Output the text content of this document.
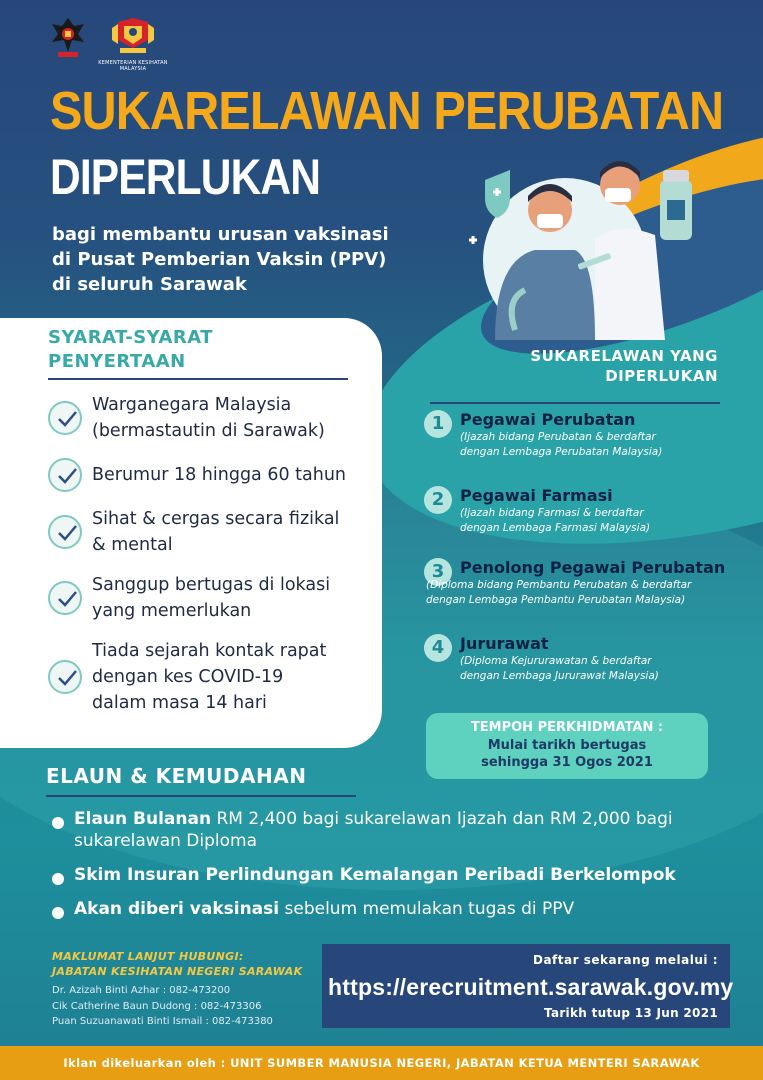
KEMENTERIAN KESIHATAN MALAYSIA
SUKARELAWAN PERUBATAN
DIPERLUKAN
bagi membantu urusan vaksinasi
di Pusat Pemberian Vaksin (PPV)
di seluruh Sarawak
SYARAT-SYARAT PENYERTAAN
Warganegara Malaysia
(bermastautin di Sarawak)
Berumur 18 hingga 60 tahun
Sihat & cergas secara fizikal
& mental
Sanggup bertugas di lokasi
yang memerlukan
Tiada sejarah kontak rapat
dengan kes COVID-19
dalam masa 14 hari
SUKARELAWAN YANG
DIPERLUKAN
1 Pegawai Perubatan
(Ijazah bidang Perubatan & berdaftar
dengan Lembaga Perubatan Malaysia)
2 Pegawai Farmasi
(Ijazah bidang Farmasi & berdaftar
dengan Lembaga Farmasi Malaysia)
3 Penolong Pegawai Perubatan
(Diploma bidang Pembantu Perubatan & berdaftar
dengan Lembaga Pembantu Perubatan Malaysia)
4 Jururawat
(Diploma Kejururawatan & berdaftar
dengan Lembaga Jururawat Malaysia)
TEMPOH PERKHIDMATAN :
Mulai tarikh bertugas
sehingga 31 Ogos 2021
ELAUN & KEMUDAHAN
Elaun Bulanan RM 2,400 bagi sukarelawan Ijazah dan RM 2,000 bagi sukarelawan Diploma
Skim Insuran Perlindungan Kemalangan Peribadi Berkelompok
Akan diberi vaksinasi sebelum memulakan tugas di PPV
MAKLUMAT LANJUT HUBUNGI:
JABATAN KESIHATAN NEGERI SARAWAK
Dr. Azizah Binti Azhar : 082-473200
Cik Catherine Baun Dudong : 082-473306
Puan Suzuanawati Binti Ismail : 082-473380
Daftar sekarang melalui :
https://erecruitment.sarawak.gov.my
Tarikh tutup 13 Jun 2021
Iklan dikeluarkan oleh : UNIT SUMBER MANUSIA NEGERI, JABATAN KETUA MENTERI SARAWAK
